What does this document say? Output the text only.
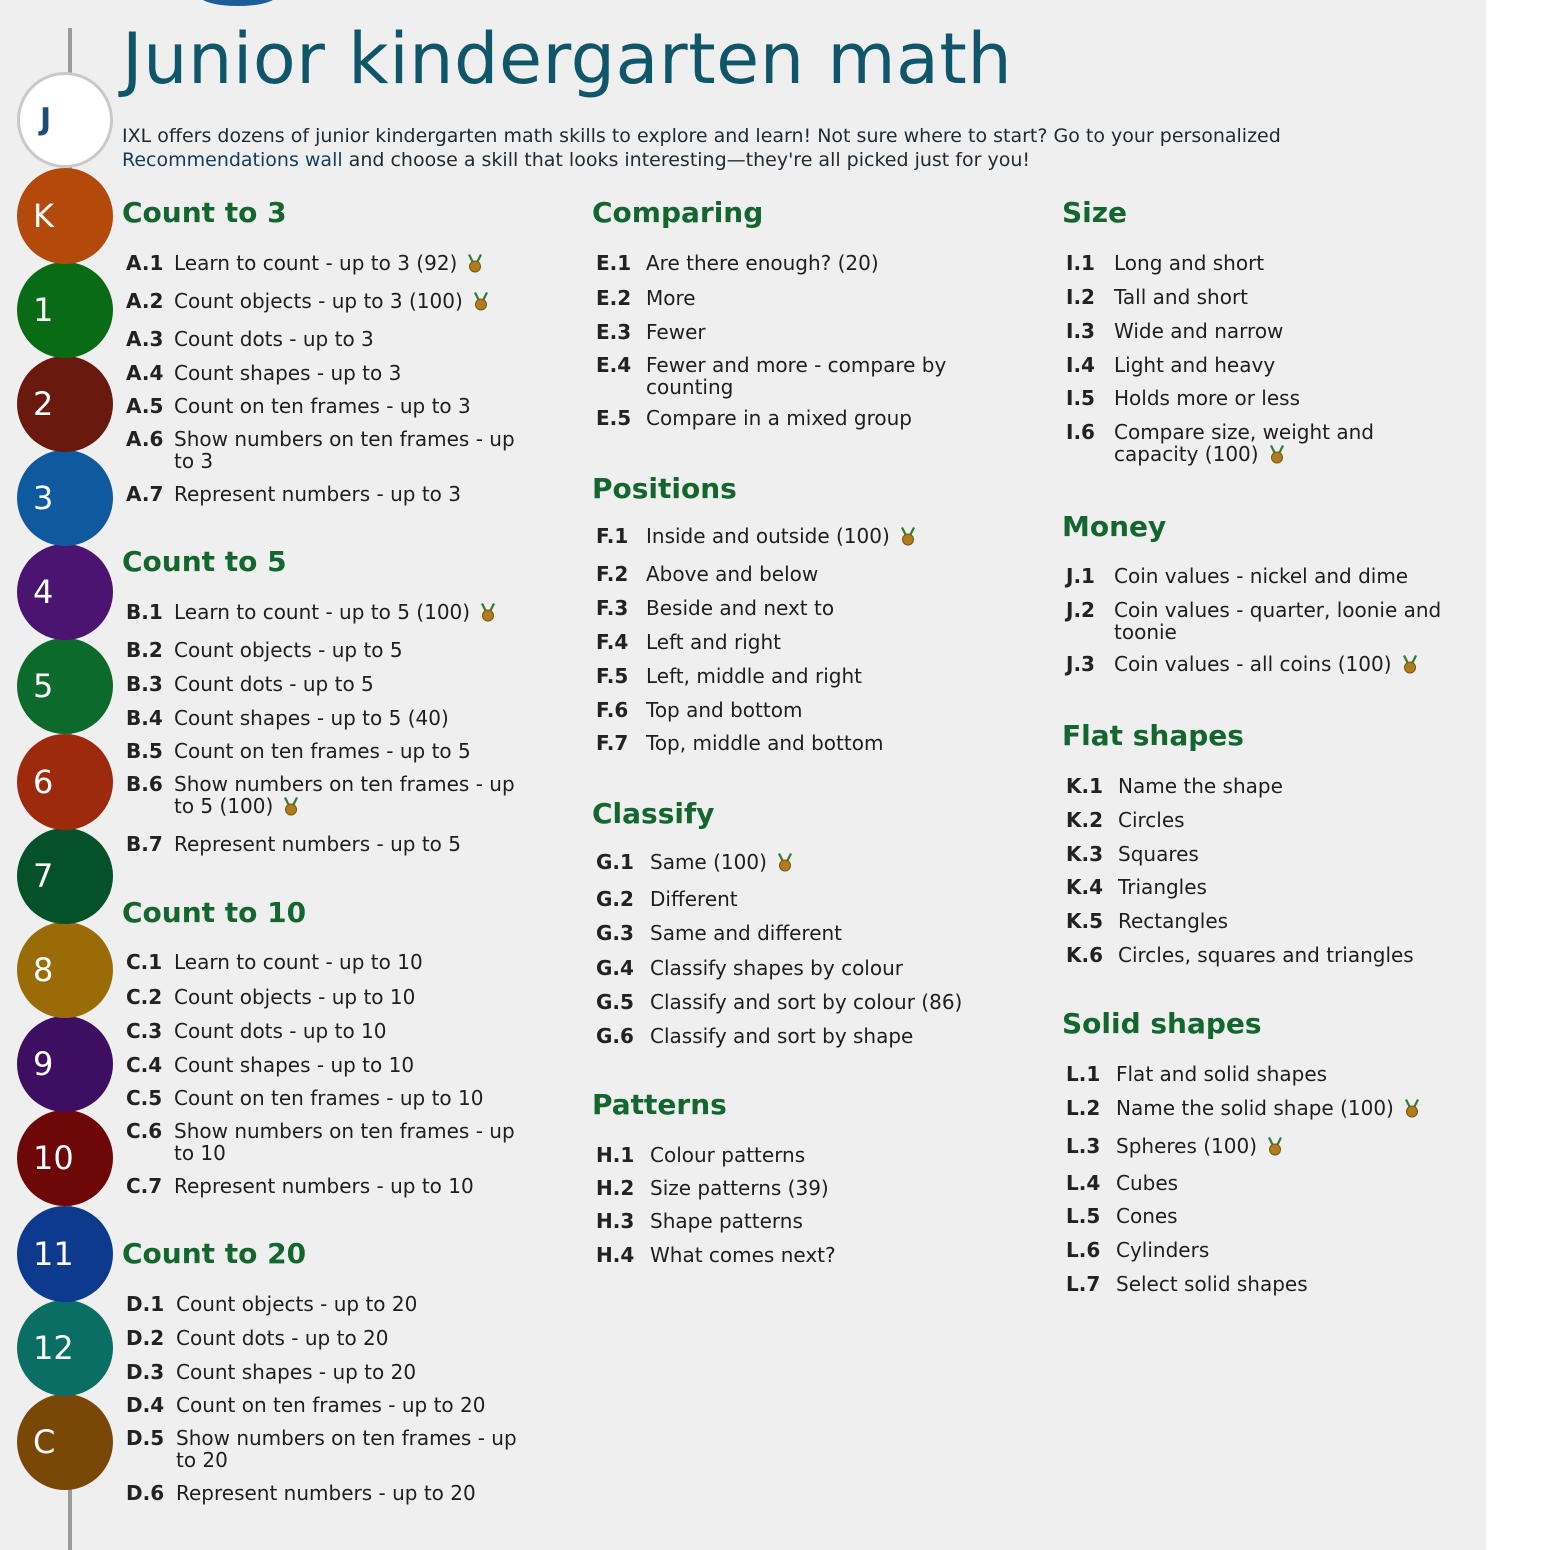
J
K
1
2
3
4
5
6
7
8
9
10
11
12
C
Junior kindergarten math

IXL offers dozens of junior kindergarten math skills to explore and learn! Not sure where to start? Go to your personalized Recommendations wall and choose a skill that looks interesting—they're all picked just for you!

Count to 3
A.1 Learn to count - up to 3 (92)
A.2 Count objects - up to 3 (100)
A.3 Count dots - up to 3
A.4 Count shapes - up to 3
A.5 Count on ten frames - up to 3
A.6 Show numbers on ten frames - up to 3
A.7 Represent numbers - up to 3
Count to 5
B.1 Learn to count - up to 5 (100)
B.2 Count objects - up to 5
B.3 Count dots - up to 5
B.4 Count shapes - up to 5 (40)
B.5 Count on ten frames - up to 5
B.6 Show numbers on ten frames - up to 5 (100)
B.7 Represent numbers - up to 5
Count to 10
C.1 Learn to count - up to 10
C.2 Count objects - up to 10
C.3 Count dots - up to 10
C.4 Count shapes - up to 10
C.5 Count on ten frames - up to 10
C.6 Show numbers on ten frames - up to 10
C.7 Represent numbers - up to 10
Count to 20
D.1 Count objects - up to 20
D.2 Count dots - up to 20
D.3 Count shapes - up to 20
D.4 Count on ten frames - up to 20
D.5 Show numbers on ten frames - up to 20
D.6 Represent numbers - up to 20
Comparing
E.1 Are there enough? (20)
E.2 More
E.3 Fewer
E.4 Fewer and more - compare by counting
E.5 Compare in a mixed group
Positions
F.1 Inside and outside (100)
F.2 Above and below
F.3 Beside and next to
F.4 Left and right
F.5 Left, middle and right
F.6 Top and bottom
F.7 Top, middle and bottom
Classify
G.1 Same (100)
G.2 Different
G.3 Same and different
G.4 Classify shapes by colour
G.5 Classify and sort by colour (86)
G.6 Classify and sort by shape
Patterns
H.1 Colour patterns
H.2 Size patterns (39)
H.3 Shape patterns
H.4 What comes next?
Size
I.1 Long and short
I.2 Tall and short
I.3 Wide and narrow
I.4 Light and heavy
I.5 Holds more or less
I.6 Compare size, weight and capacity (100)
Money
J.1 Coin values - nickel and dime
J.2 Coin values - quarter, loonie and toonie
J.3 Coin values - all coins (100)
Flat shapes
K.1 Name the shape
K.2 Circles
K.3 Squares
K.4 Triangles
K.5 Rectangles
K.6 Circles, squares and triangles
Solid shapes
L.1 Flat and solid shapes
L.2 Name the solid shape (100)
L.3 Spheres (100)
L.4 Cubes
L.5 Cones
L.6 Cylinders
L.7 Select solid shapes
